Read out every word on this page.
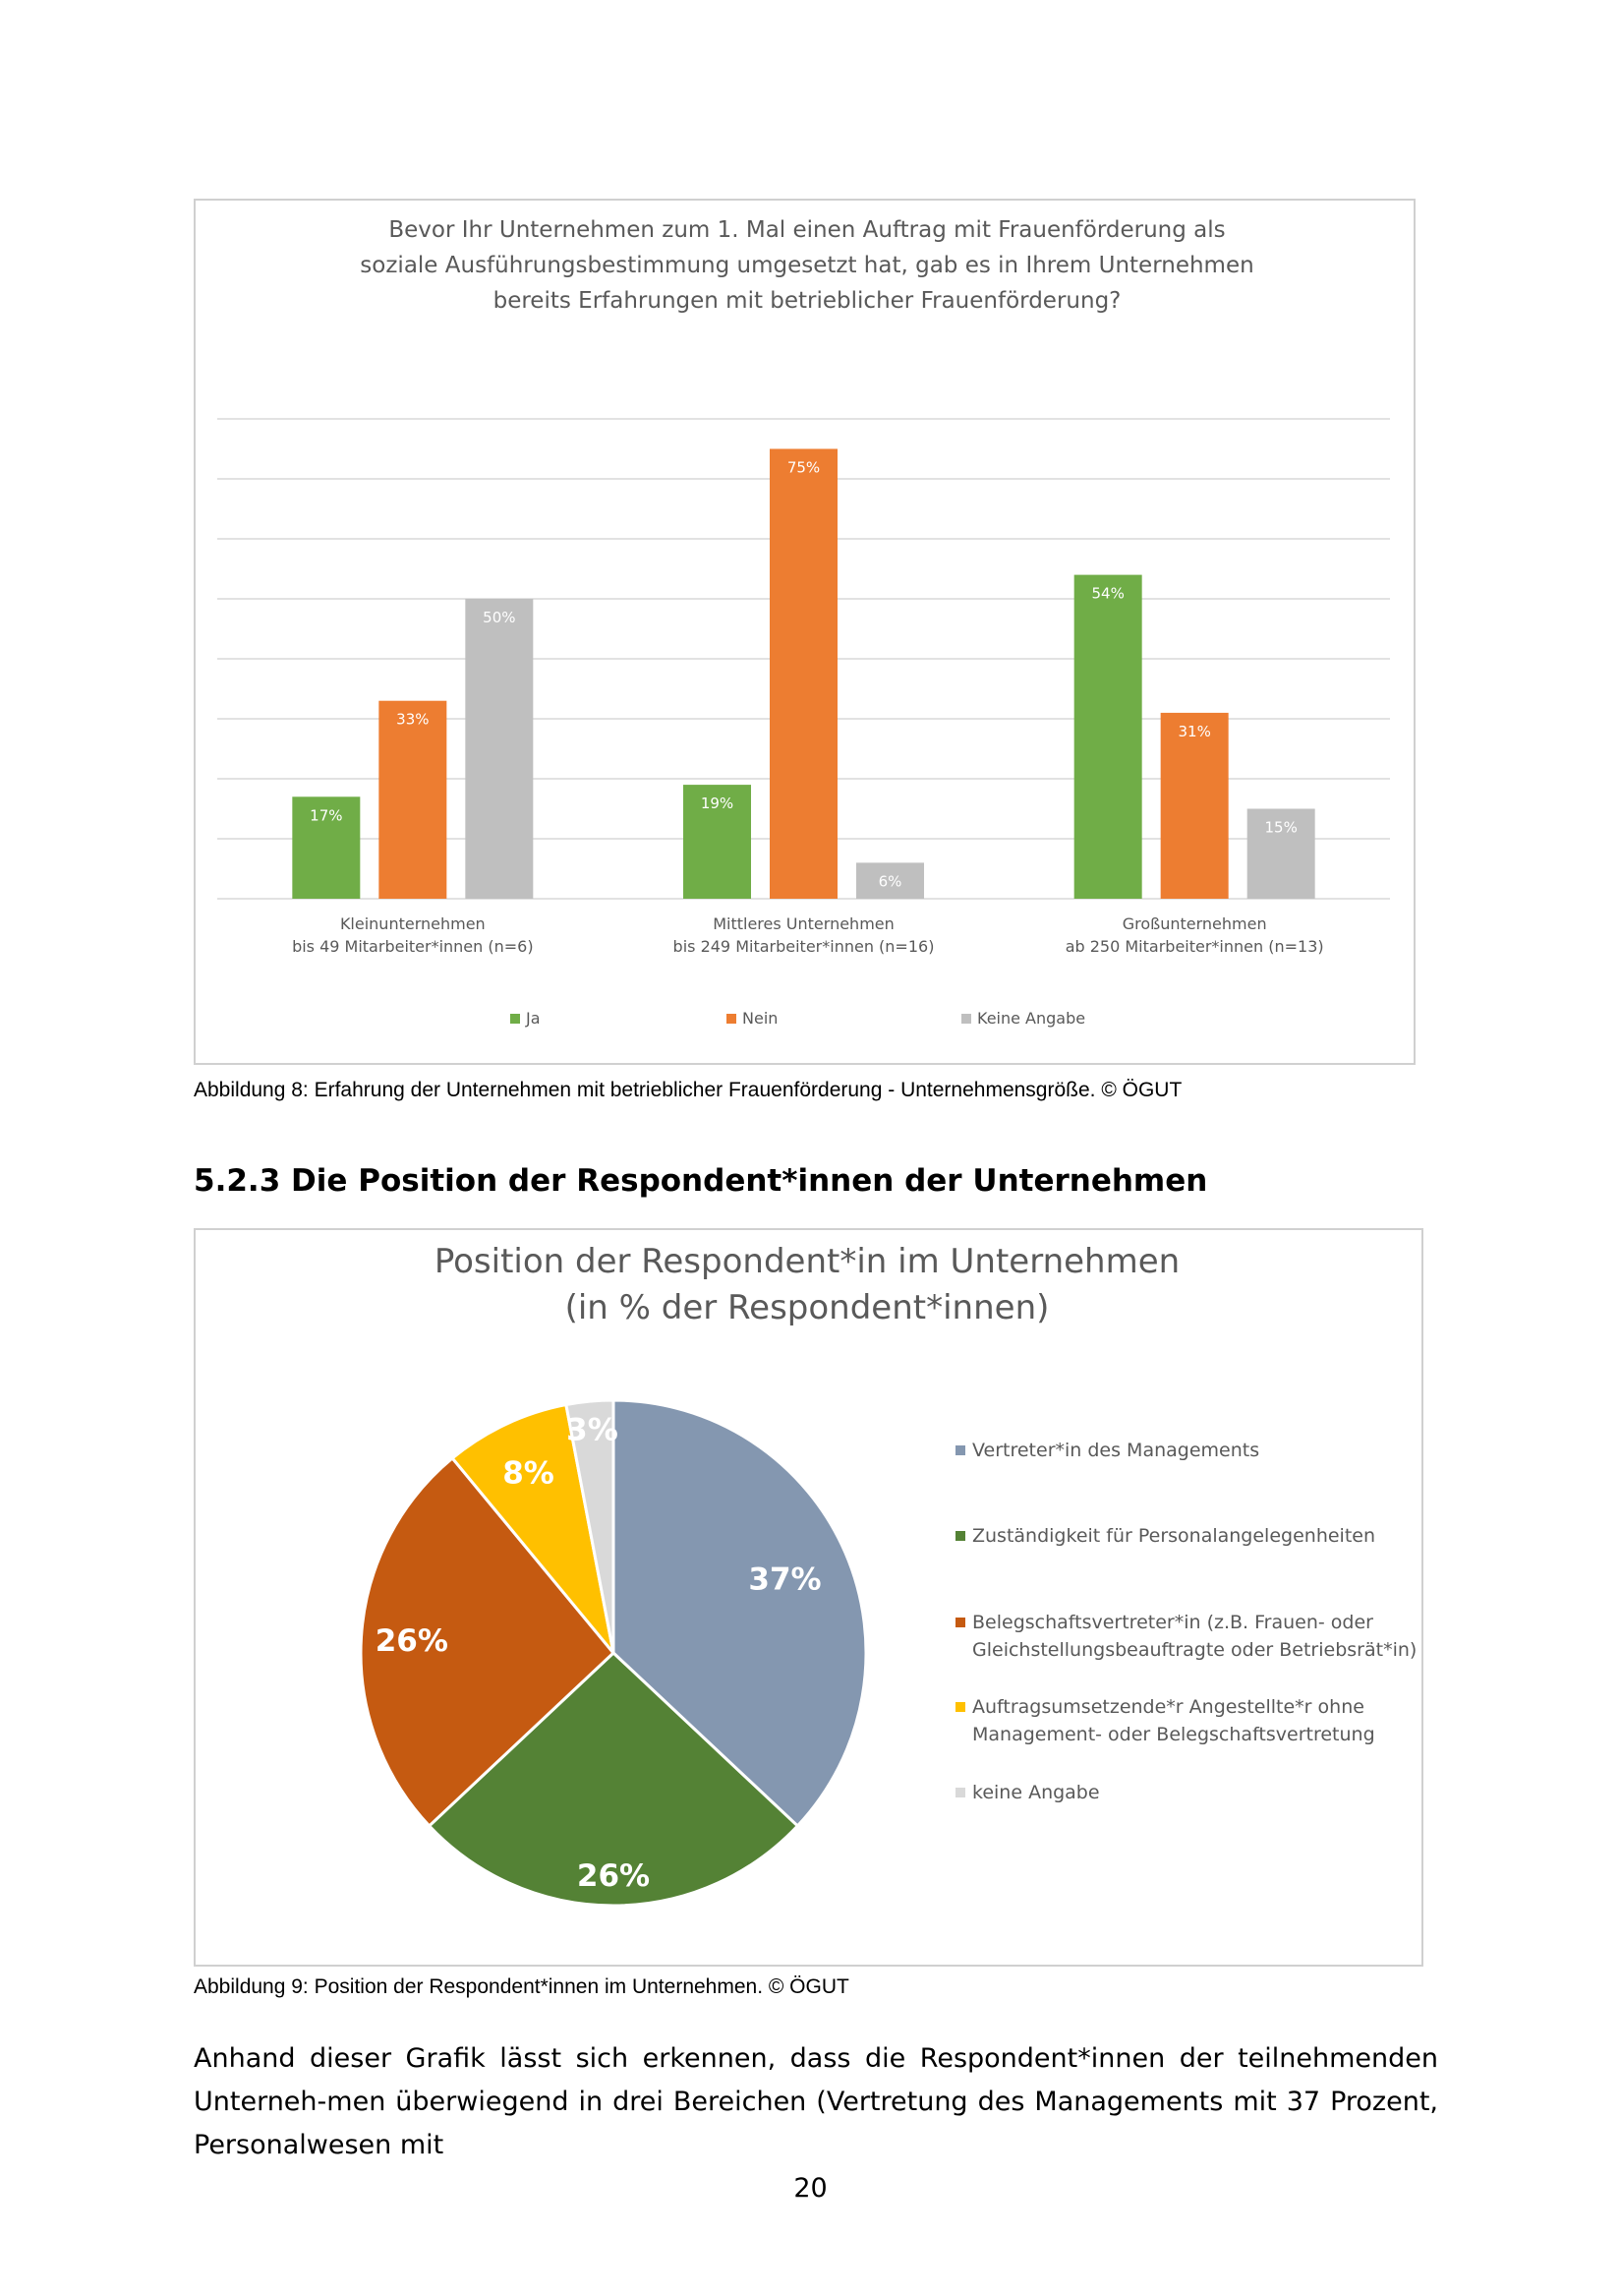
Bevor Ihr Unternehmen zum 1. Mal einen Auftrag mit Frauenförderung als
soziale Ausführungsbestimmung umgesetzt hat, gab es in Ihrem Unternehmen
bereits Erfahrungen mit betrieblicher Frauenförderung?
17%
33%
50%
Kleinunternehmen
bis 49 Mitarbeiter*innen (n=6)
19%
75%
6%
Mittleres Unternehmen
bis 249 Mitarbeiter*innen (n=16)
54%
31%
15%
Großunternehmen
ab 250 Mitarbeiter*innen (n=13)
Ja	Nein	Keine Angabe
Abbildung 8: Erfahrung der Unternehmen mit betrieblicher Frauenförderung - Unternehmensgröße. © ÖGUT
5.2.3 Die Position der Respondent*innen der Unternehmen
Position der Respondent*in im Unternehmen
(in % der Respondent*innen)
37%
26%
26%
8%
3%
Vertreter*in des Managements
Zuständigkeit für Personalangelegenheiten
Belegschaftsvertreter*in (z.B. Frauen- oder
Gleichstellungsbeauftragte oder Betriebsrät*in)
Auftragsumsetzende*r Angestellte*r ohne
Management- oder Belegschaftsvertretung
keine Angabe
Abbildung 9: Position der Respondent*innen im Unternehmen. © ÖGUT

Anhand dieser Grafik lässt sich erkennen, dass die Respondent*innen der teilnehmenden Unterneh-men überwiegend in drei Bereichen (Vertretung des Managements mit 37 Prozent, Personalwesen mit

20
